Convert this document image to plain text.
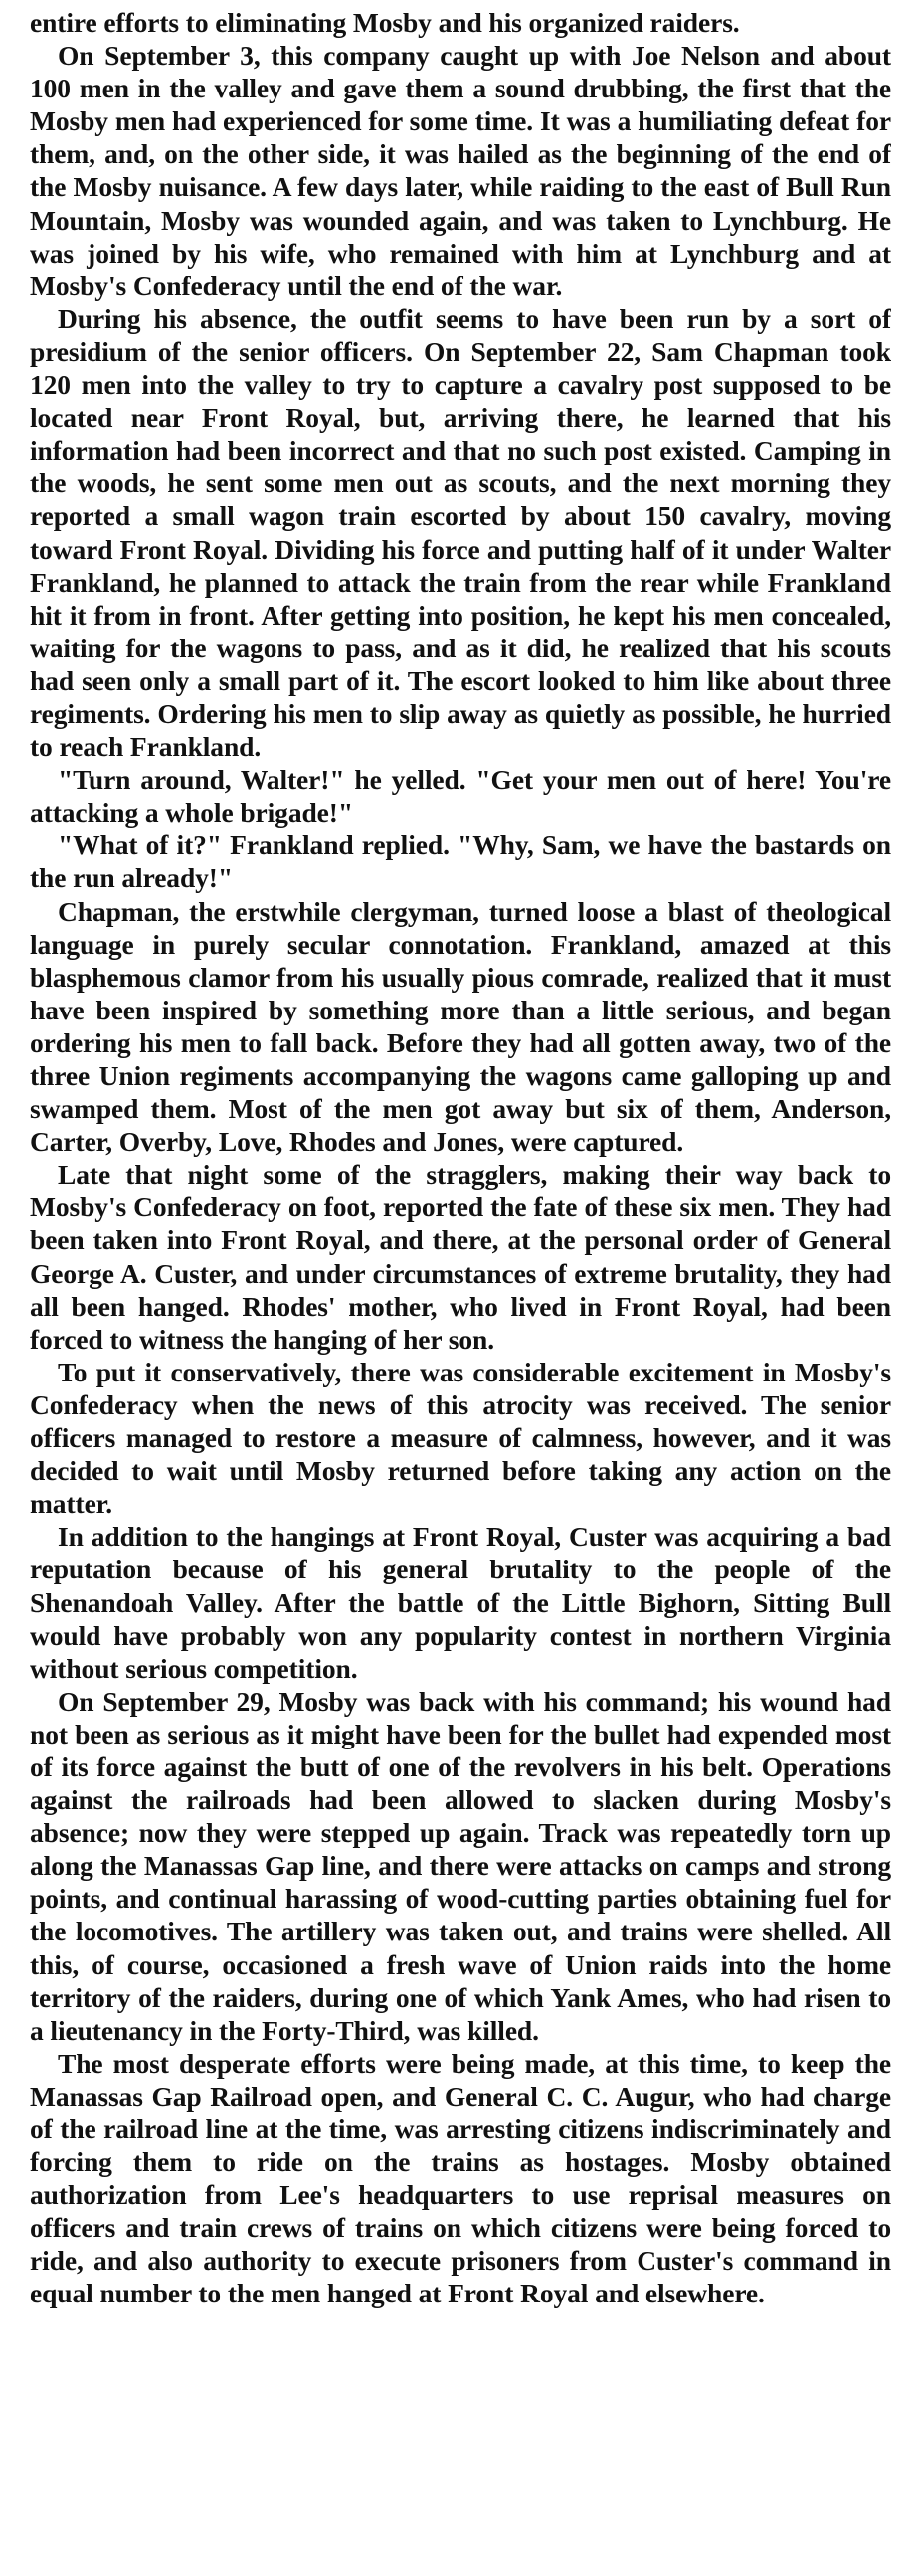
entire efforts to eliminating Mosby and his organized raiders.

On September 3, this company caught up with Joe Nelson and about 100 men in the valley and gave them a sound drubbing, the first that the Mosby men had experienced for some time. It was a humiliating defeat for them, and, on the other side, it was hailed as the beginning of the end of the Mosby nuisance. A few days later, while raiding to the east of Bull Run Mountain, Mosby was wounded again, and was taken to Lynchburg. He was joined by his wife, who remained with him at Lynchburg and at Mosby's Confederacy until the end of the war.

During his absence, the outfit seems to have been run by a sort of presidium of the senior officers. On September 22, Sam Chapman took 120 men into the valley to try to capture a cavalry post supposed to be located near Front Royal, but, arriving there, he learned that his information had been incorrect and that no such post existed. Camping in the woods, he sent some men out as scouts, and the next morning they reported a small wagon train escorted by about 150 cavalry, moving toward Front Royal. Dividing his force and putting half of it under Walter Frankland, he planned to attack the train from the rear while Frankland hit it from in front. After getting into position, he kept his men concealed, waiting for the wagons to pass, and as it did, he realized that his scouts had seen only a small part of it. The escort looked to him like about three regiments. Ordering his men to slip away as quietly as possible, he hurried to reach Frankland.

"Turn around, Walter!" he yelled. "Get your men out of here! You're attacking a whole brigade!"

"What of it?" Frankland replied. "Why, Sam, we have the bastards on the run already!"

Chapman, the erstwhile clergyman, turned loose a blast of theological language in purely secular connotation. Frankland, amazed at this blasphemous clamor from his usually pious comrade, realized that it must have been inspired by something more than a little serious, and began ordering his men to fall back. Before they had all gotten away, two of the three Union regiments accompanying the wagons came galloping up and swamped them. Most of the men got away but six of them, Anderson, Carter, Overby, Love, Rhodes and Jones, were captured.

Late that night some of the stragglers, making their way back to Mosby's Confederacy on foot, reported the fate of these six men. They had been taken into Front Royal, and there, at the personal order of General George A. Custer, and under circumstances of extreme brutality, they had all been hanged. Rhodes' mother, who lived in Front Royal, had been forced to witness the hanging of her son.

To put it conservatively, there was considerable excitement in Mosby's Confederacy when the news of this atrocity was received. The senior officers managed to restore a measure of calmness, however, and it was decided to wait until Mosby returned before taking any action on the matter.

In addition to the hangings at Front Royal, Custer was acquiring a bad reputation because of his general brutality to the people of the Shenandoah Valley. After the battle of the Little Bighorn, Sitting Bull would have probably won any popularity contest in northern Virginia without serious competition.

On September 29, Mosby was back with his command; his wound had not been as serious as it might have been for the bullet had expended most of its force against the butt of one of the revolvers in his belt. Operations against the railroads had been allowed to slacken during Mosby's absence; now they were stepped up again. Track was repeatedly torn up along the Manassas Gap line, and there were attacks on camps and strong points, and continual harassing of wood-cutting parties obtaining fuel for the locomotives. The artillery was taken out, and trains were shelled. All this, of course, occasioned a fresh wave of Union raids into the home territory of the raiders, during one of which Yank Ames, who had risen to a lieutenancy in the Forty-Third, was killed.

The most desperate efforts were being made, at this time, to keep the Manassas Gap Railroad open, and General C. C. Augur, who had charge of the railroad line at the time, was arresting citizens indiscriminately and forcing them to ride on the trains as hostages. Mosby obtained authorization from Lee's headquarters to use reprisal measures on officers and train crews of trains on which citizens were being forced to ride, and also authority to execute prisoners from Custer's command in equal number to the men hanged at Front Royal and elsewhere.
